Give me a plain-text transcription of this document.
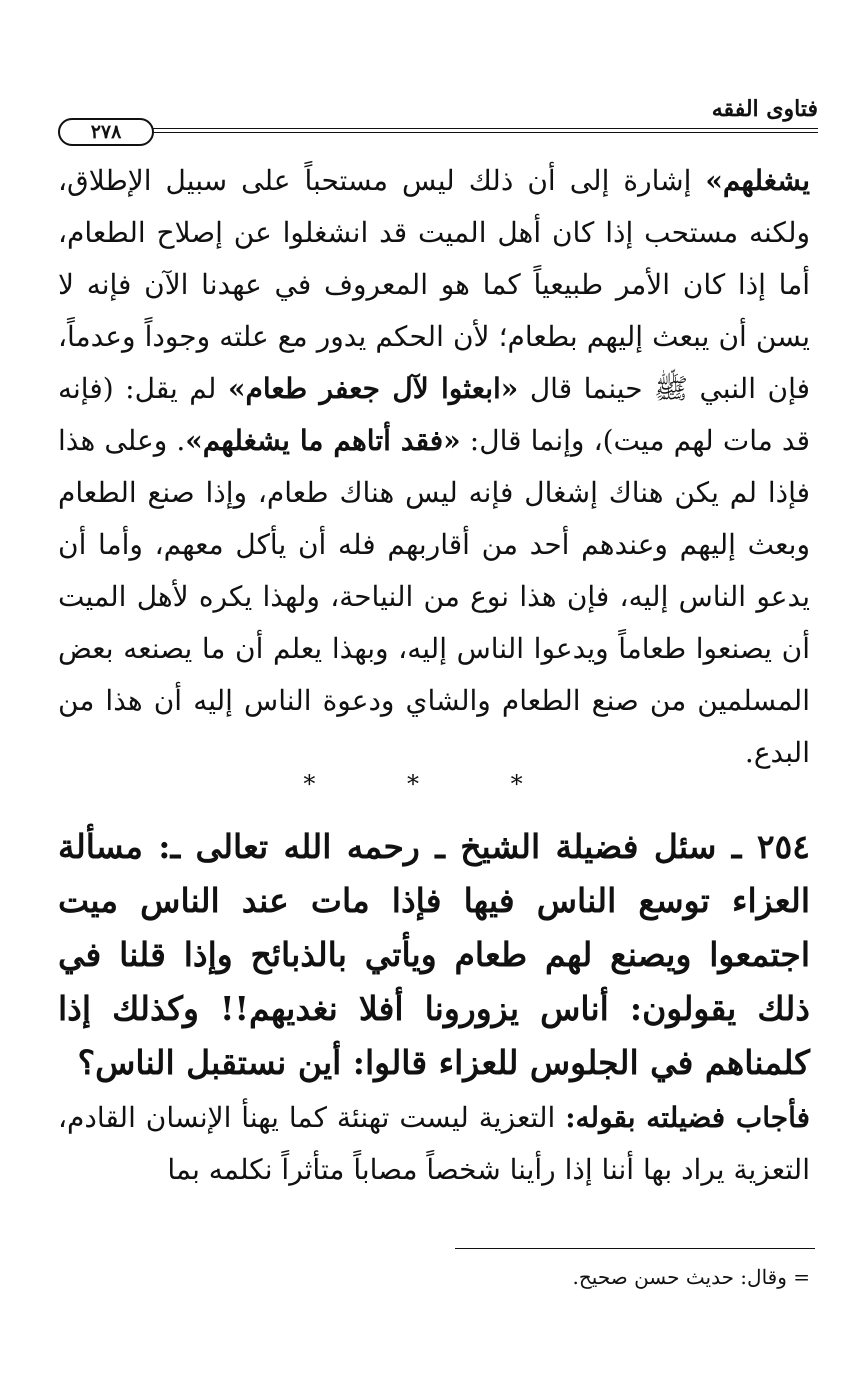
فتاوى الفقه
٢٧٨
يشغلهم» إشارة إلى أن ذلك ليس مستحباً على سبيل الإطلاق، ولكنه مستحب إذا كان أهل الميت قد انشغلوا عن إصلاح الطعام، أما إذا كان الأمر طبيعياً كما هو المعروف في عهدنا الآن فإنه لا يسن أن يبعث إليهم بطعام؛ لأن الحكم يدور مع علته وجوداً وعدماً، فإن النبي ﷺ حينما قال «ابعثوا لآل جعفر طعام» لم يقل: (فإنه قد مات لهم ميت)، وإنما قال: «فقد أتاهم ما يشغلهم». وعلى هذا فإذا لم يكن هناك إشغال فإنه ليس هناك طعام، وإذا صنع الطعام وبعث إليهم وعندهم أحد من أقاربهم فله أن يأكل معهم، وأما أن يدعو الناس إليه، فإن هذا نوع من النياحة، ولهذا يكره لأهل الميت أن يصنعوا طعاماً ويدعوا الناس إليه، وبهذا يعلم أن ما يصنعه بعض المسلمين من صنع الطعام والشاي ودعوة الناس إليه أن هذا من البدع.
* * *
٢٥٤ ـ سئل فضيلة الشيخ ـ رحمه الله تعالى ـ: مسألة العزاء توسع الناس فيها فإذا مات عند الناس ميت اجتمعوا ويصنع لهم طعام ويأتي بالذبائح وإذا قلنا في ذلك يقولون: أناس يزورونا أفلا نغديهم!! وكذلك إذا كلمناهم في الجلوس للعزاء قالوا: أين نستقبل الناس؟
فأجاب فضيلته بقوله: التعزية ليست تهنئة كما يهنأ الإنسان القادم، التعزية يراد بها أننا إذا رأينا شخصاً مصاباً متأثراً نكلمه بما
= وقال: حديث حسن صحيح.
